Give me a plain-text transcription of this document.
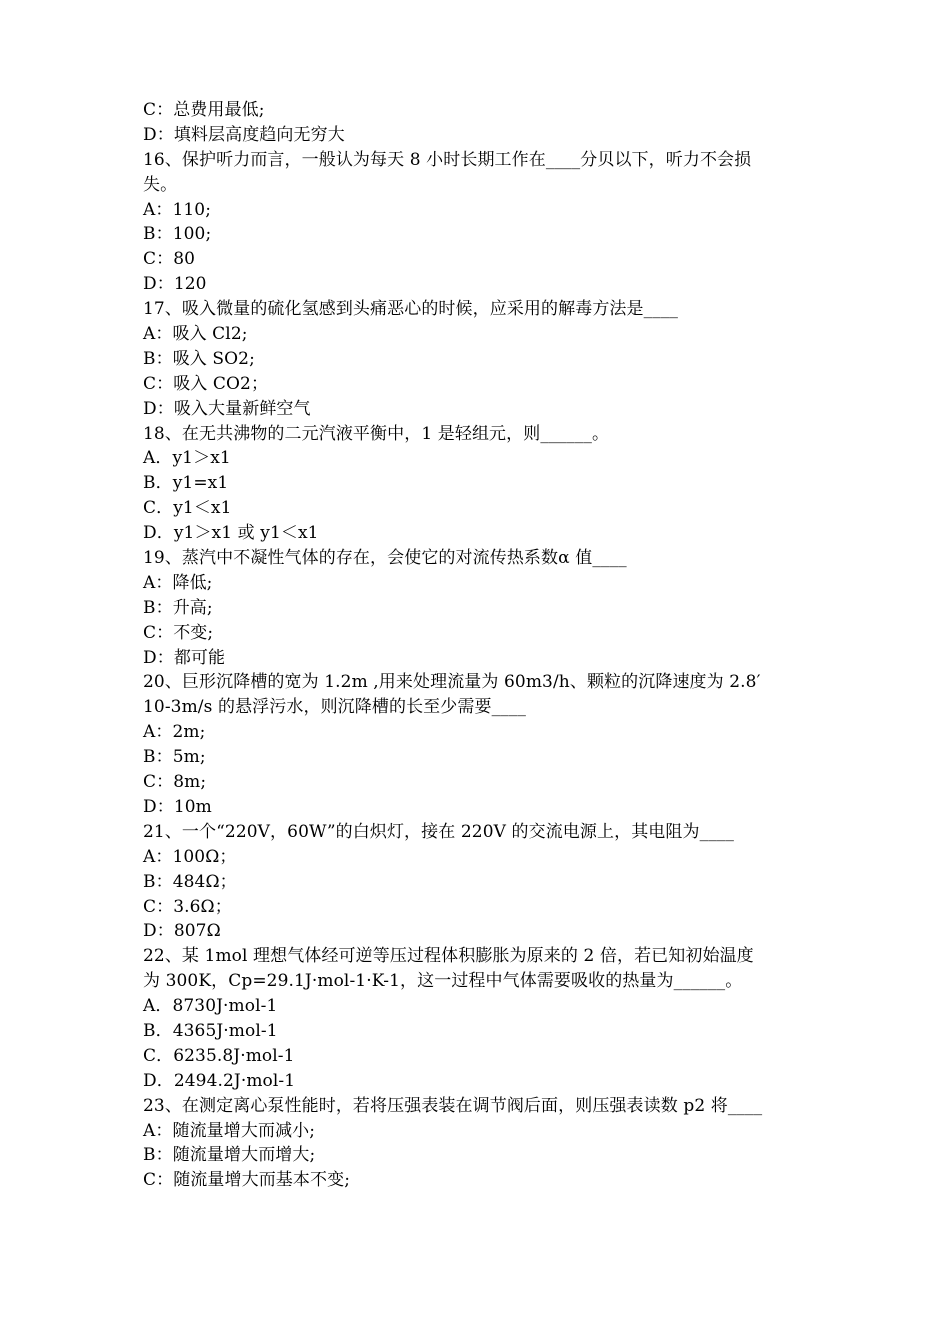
C：总费用最低;
D：填料层高度趋向无穷大
16、保护听力而言，一般认为每天 8 小时长期工作在____分贝以下，听力不会损
失。
A：110;
B：100;
C：80
D：120
17、吸入微量的硫化氢感到头痛恶心的时候，应采用的解毒方法是____
A：吸入 Cl2;
B：吸入 SO2;
C：吸入 CO2；
D：吸入大量新鲜空气
18、在无共沸物的二元汽液平衡中，1 是轻组元，则______。
A．y1＞x1
B．y1=x1
C．y1＜x1
D．y1＞x1 或 y1＜x1
19、蒸汽中不凝性气体的存在，会使它的对流传热系数α 值____
A：降低;
B：升高;
C：不变;
D：都可能
20、巨形沉降槽的宽为 1.2m ,用来处理流量为 60m3/h、颗粒的沉降速度为 2.8′
10-3m/s 的悬浮污水，则沉降槽的长至少需要____
A：2m;
B：5m;
C：8m;
D：10m
21、一个“220V，60W”的白炽灯，接在 220V 的交流电源上，其电阻为____
A：100Ω；
B：484Ω；
C：3.6Ω；
D：807Ω
22、某 1mol 理想气体经可逆等压过程体积膨胀为原来的 2 倍，若已知初始温度
为 300K，Cp=29.1J·mol-1·K-1，这一过程中气体需要吸收的热量为______。
A．8730J·mol-1
B．4365J·mol-1
C．6235.8J·mol-1
D．2494.2J·mol-1
23、在测定离心泵性能时，若将压强表装在调节阀后面，则压强表读数 p2 将____
A：随流量增大而减小;
B：随流量增大而增大;
C：随流量增大而基本不变;
